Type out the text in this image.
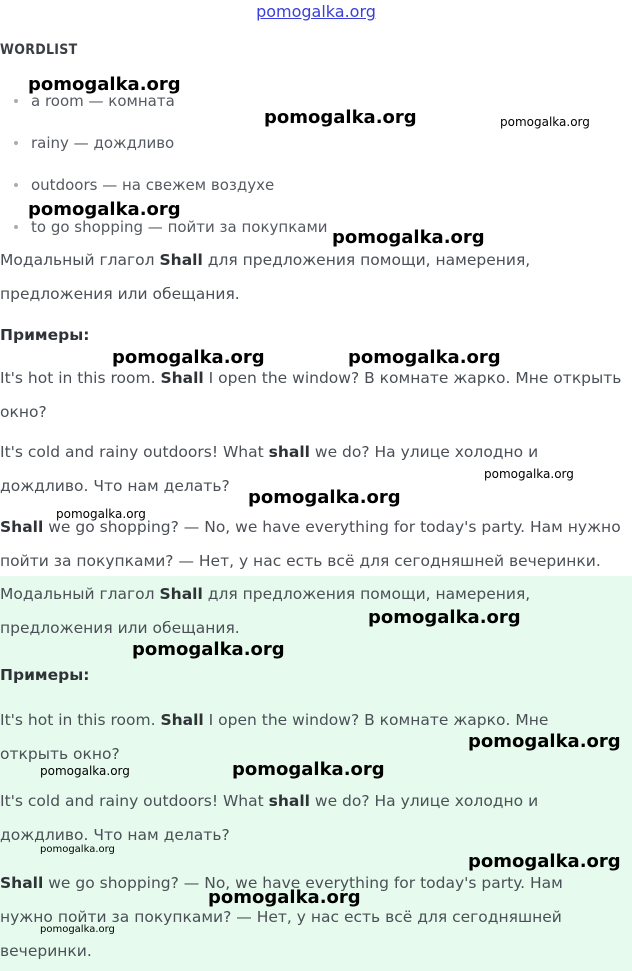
pomogalka.org
WORDLIST
a room — комната
rainy — дождливо
outdoors — на свежем воздухе
to go shopping — пойти за покупками
Модальный глагол Shall для предложения помощи, намерения, предложения или обещания.
Примеры:
It's hot in this room. Shall I open the window? В комнате жарко. Мне открыть окно?
It's cold and rainy outdoors! What shall we do? На улице холодно и дождливо. Что нам делать?
Shall we go shopping? — No, we have everything for today's party. Нам нужно пойти за покупками? — Нет, у нас есть всё для сегодняшней вечеринки.
Модальный глагол Shall для предложения помощи, намерения, предложения или обещания.
Примеры:
It's hot in this room. Shall I open the window? В комнате жарко. Мне открыть окно?
It's cold and rainy outdoors! What shall we do? На улице холодно и дождливо. Что нам делать?
Shall we go shopping? — No, we have everything for today's party. Нам нужно пойти за покупками? — Нет, у нас есть всё для сегодняшней вечеринки.
pomogalka.org
pomogalka.org	pomogalka.org
pomogalka.org
pomogalka.org
pomogalka.org	pomogalka.org
pomogalka.org
pomogalka.org
pomogalka.org
pomogalka.org
pomogalka.org
pomogalka.org
pomogalka.org
pomogalka.org
pomogalka.org
pomogalka.org
pomogalka.org
pomogalka.org
